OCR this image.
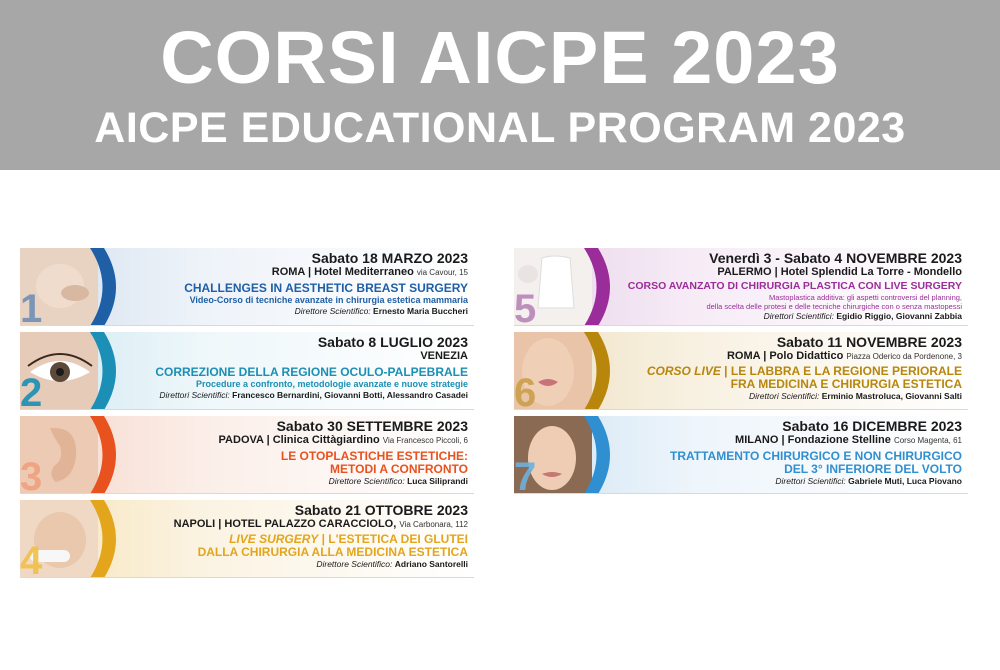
CORSI AICPE 2023
AICPE EDUCATIONAL PROGRAM 2023
1
Sabato 18 MARZO 2023
ROMA | Hotel Mediterraneo via Cavour, 15
CHALLENGES IN AESTHETIC BREAST SURGERY
Video-Corso di tecniche avanzate in chirurgia estetica mammaria
Direttore Scientifico: Ernesto Maria Buccheri
2
Sabato 8 LUGLIO 2023
VENEZIA
CORREZIONE DELLA REGIONE OCULO-PALPEBRALE
Procedure a confronto, metodologie avanzate e nuove strategie
Direttori Scientifici: Francesco Bernardini, Giovanni Botti, Alessandro Casadei
3
Sabato 30 SETTEMBRE 2023
PADOVA | Clinica Cittàgiardino Via Francesco Piccoli, 6
LE OTOPLASTICHE ESTETICHE:
METODI A CONFRONTO
Direttore Scientifico: Luca Siliprandi
4
Sabato 21 OTTOBRE 2023
NAPOLI | HOTEL PALAZZO CARACCIOLO, Via Carbonara, 112
LIVE SURGERY | L'ESTETICA DEI GLUTEI
DALLA CHIRURGIA ALLA MEDICINA ESTETICA
Direttore Scientifico: Adriano Santorelli
5
Venerdì 3 - Sabato 4 NOVEMBRE 2023
PALERMO | Hotel Splendid La Torre - Mondello
CORSO AVANZATO DI CHIRURGIA PLASTICA CON LIVE SURGERY
Mastoplastica additiva: gli aspetti controversi del planning,
della scelta delle protesi e delle tecniche chirurgiche con o senza mastopessi
Direttori Scientifici: Egidio Riggio, Giovanni Zabbia
6
Sabato 11 NOVEMBRE 2023
ROMA | Polo Didattico Piazza Oderico da Pordenone, 3
CORSO LIVE | LE LABBRA E LA REGIONE PERIORALE
FRA MEDICINA E CHIRURGIA ESTETICA
Direttori Scientifici: Erminio Mastroluca, Giovanni Salti
7
Sabato 16 DICEMBRE 2023
MILANO | Fondazione Stelline Corso Magenta, 61
TRATTAMENTO CHIRURGICO E NON CHIRURGICO
DEL 3° INFERIORE DEL VOLTO
Direttori Scientifici: Gabriele Muti, Luca Piovano
